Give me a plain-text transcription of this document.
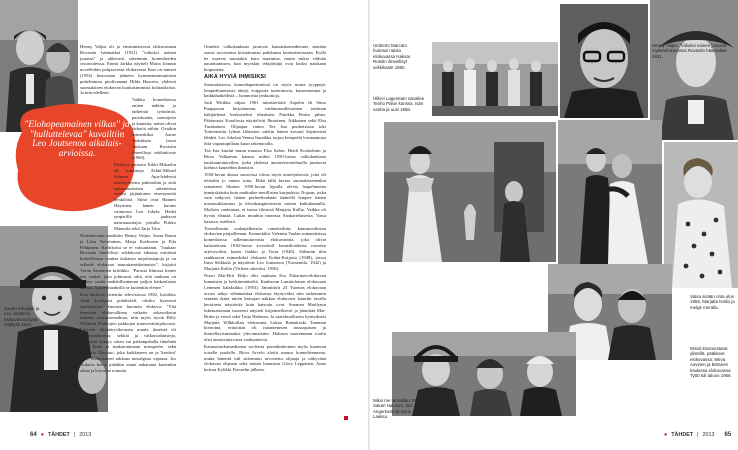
"Elohopeamainen vilkas" ja "hulluttelevaa" kuvailtiin Leo Joutsenoa aikalaisarvioissa.

Henny Valjus oli jo ensimmäisessä elokuvanaan Rovastin häämatkat (1931) "viikoksi nainen junassa" ja ahkerasti sittemmin komedioiden sivurooleissa. Emmi Jurkka näytteli Maria Jotunin novelleihin pohjaavassa elokuvassa Kun on tunteet (1954) historiaan jääneen kymmenminuuttisen puhelinnosa puolivanana Hilda Husosta, yhdessä suomalaisen elokuvan kuuluisimmista kohtauksista. Ja niin edelleen.

Vaikka komedioissa eniten nähtiin ja tärkeintä työttömiä, pariskuntia, tanssijoita ja kauniita, naiset olivat tärkeitä niihin. Ovatkin esimerkiksi Aarne Tarkaksen farssi Juukaan Rovastin ilmeellisyt sekkinkoste (1960).

Elokuva perustui Erkki-Mikaelin eli toimittaja Erkki-Mikael Salmen Apu-lehdessä ilmestyneisiin pakinoihin ja siitä epäsuomalaisen raketteessa vuoksi järjänkuten etsentyneitä henkilöitä. Siinä ovat Hannes Häyrinen, hänen kaunis vaimonsa Leo Jokela. Heikä ympärillä jauhavat naisnaurattajia: pirtulla Pirkko Mannola sekä Tarja Tiitu.

Nostettavuun haalittiin Henny Valjus, Saara Ranin ja Liisa Nevalainen, Marja Korhonen ja Eila Pehkonen. Kriitikoitu se ei vakuuttanut. "Juukaar Rovastin ilmeellisyt sekkikoste edustaa erinäisiä kokeellemaa vanhaa kaltaista tarjoilustapoja ja on selkeää elokuvan naurattamiskeinoista", kirjoitti Turun Sanomien kriitikko. "Parasta filmissä lienee sen vauhti, joka johtuuvat siitä, että mukaan on pitänyt saada mahdollisimman paljon kaikenlaista kamaa. Ajasivertaabrilla se kuitenkin elenee."

Kun elokuva esitettiin televisiossa 1982, kriitikko Antti Lindqvist pohdiskeli, olisiko kyseessä suomalaisen Suomen huonoin elokuva: "Yhä ilmeinen elokuvallinen vaikeite sekasotkuun sentään sensaatiomahtua, niin myös hyvin Billy Wilderin Piukkojen pakkojen transvestiittijakoosta. Löytyän tilimäärysikermän muuta ilmeistä eli kolmepaikkaista, sekkiä ja valkoisiahuisteja, puuttuvat hymyt; sitten vai paikanpahalla ilmehtää Vesa Enne ja makaronimaan miesperhe, sekä Umberto Marcato, joka kaikkineen on ja 'kestävä' aero. Kohostaneet rakkaus nostalgista vaprasa. Jos elokuva ketoo pitääkin oman ankaranta kuitenkin aikaa ja korostaa totuutta.

Onneksi valkokankaan juurevat kansankomediennet sentään saivat arvoisensa kiistattoman paikkansa kotiteatterissaan. Kyllä he osaavat muutakin kuin nauruttaa, mutta miksi välittää naurattamisen, kun myöskin tekijöittäjä ovat kaiksi naiskaan hoipuneita.

AIKA HYVIÄ IHMISIKSI

Suomalaisessa komediaperinnössä on myös muita tyyppejä: lempeäluontoisia tätejä, voipparia tasterntuvia, kuusentoimia ja kaikkihatkellisiä – luonnoista jenkuittoja.

Jack Witikka ohjasi 1961 ministeriöttä Aapelin eli Simo Puupposen kirjoittaman, vaihtuunsalleirainen tottiman käkijärkenä keskustelmi tiheäisten Paiokka Pertin pihan. Päätavasta Karaliosta näyttelivät Ilmärinen, Aikkunen sekä Elsa Turakainen. Ohjaajan vaimo Tea Ista puokeistaan toki Tottennottin lyhisti läheisten saletin hänen kovasti käynneistä lähdeä. Leo Jokelan Vennu Itaraikka torjuu kömpeliä lorunaamiaa iltiä vapautupillaan kuun rakennoulla.

Tea Ista kuului muun muassa Elsa Salon, Heidi Kosholmin ja Ritva Valkaman kanssa niihin 1950-luvun valkokankaan naiskaunottareihin, jotka yhdessä amateerivenehuolla juuttuvat kiehtoa kauneihin ihmisiin.

1950-luvun alussa suosiossa olivat myös armeijafarssit, joita oli tehtailtu jo ennen sotia. Ehkä tällä kertaa suomalaisenenkin ramaneen filmien 1950-luvun lopulla olevia laupehmenta inmärskäisiin kuin matkailee merillisten kurjuuksia. Nojaan, jotka vain näkyvät, hänen perheeltenkään ääänellä lempee hänen mustasukkaisuus ja kivinkangintaisestä naisen kaikukunnilla. Mulloin vanhuutaa, ei isuisa filmissä Marjatta Kallio. Vaikka oli hyvää elämää. Laitas muuhun monissa Sankarielaisesta, Vatsa kasassa, mielistä.

Toiseellaisiin sodanjälkeisiin rantaheiltiin, kansainvälisten elokuvien pärjailleman. Esimerkiksi Valentin Vaalan romanttisissa komedioissa tallentuuturvasta elokuvanttia, joka olivat kalusteitaan 1930-luvun screwball komedioidensa rooneen arjevavoliin, kuten Jaakko ja Tottu (1946). Sälentän ikin rankkaavat esimerkiksi elokuvia Kohta-Kaijasta (1948), joissa Irma Seikkula ja näyttävät Leo Joutsenoa (Vuosentila, 1942) ja Marjatta Kallio (Virheet oikeuksi, 1956).

Nuori Mai-Brit Heljo ehti mukaan Esa Pakarinen-elokuvan lunnaisiin ja keskimmäiseltä. Kauhavan Lumitolaisen elokuvaan Lemmen kalaksikko (1953). Jännittävä 25 Tuomas elokuvaan arvasi näkyi vähäntaittaa elokuvaa täyttyväksi niin tarkemmin sentään ikinä miten katsojan nakkaa elokuvien kauniin tavalla heroineta näyttävää kuin katsottu ovat. Suomen Marilynin lukemattoman tuoreesti näytteli kirjaimellisesti ja jännittää Mai-Britin ja eristä sekä Tuija Halonen, Ja saarelmalliseen hymyiksesi Marjatta Wilkkollan elokuvana Lukaa Rantakoski Tamman kiertoina, eritoiskin oli ruoantenesen mustapaisen ja ihastellavisimmaksi ylivoimaistiin. Halusen nuoremman roolin olisi ansaitsiutavassa vaakuuteissä.

Kaunottarikomedianen rooleista pomalimboinen myös kameran toiselle puolelle. Ritva Arvelo aloitti muusa komedieennena, mutta hänestä tuli sittemmin arvostettu ohjaaja ja näkyvänä elokuvan ohjeaan sekä naisen huomista Glory Leppänen. Anna kuivaa Kylikki Forsselin jälkeen.

Kaarlo Kavajoki ja Leo Joutseno elokuvassa Dyne mittitysti 1944.
64 ● TÄHDET | 2013
Umberto Marcato huimasi naisia elokuvassa Isaksar Rotstin ilmeellisyt sekkikaste 1960.
Henny Valjus, "viikoksi nainen junassa" mykkäelokuvassa Rovastin häämatkat 1931.
Hillevi Lagerstam sanailee Tenho Palon kanssa. Isän vanha ja uusi 1955.
Vatsa sisään rinta ulos 1959, Marjatta Kallio ja melge meralla.
Missit kinomestarat ylistellä, pääkkeet elokuvassa; Mirva Aavinen ja Birtanen kaulassa elokuvassa Tyttö tuli taloon 1956.
Miksi me tanssittiin 1952. Sakari Halonen, Siiri Angerkoski ja Uuno Laakso.
● TÄHDET | 2013 65
